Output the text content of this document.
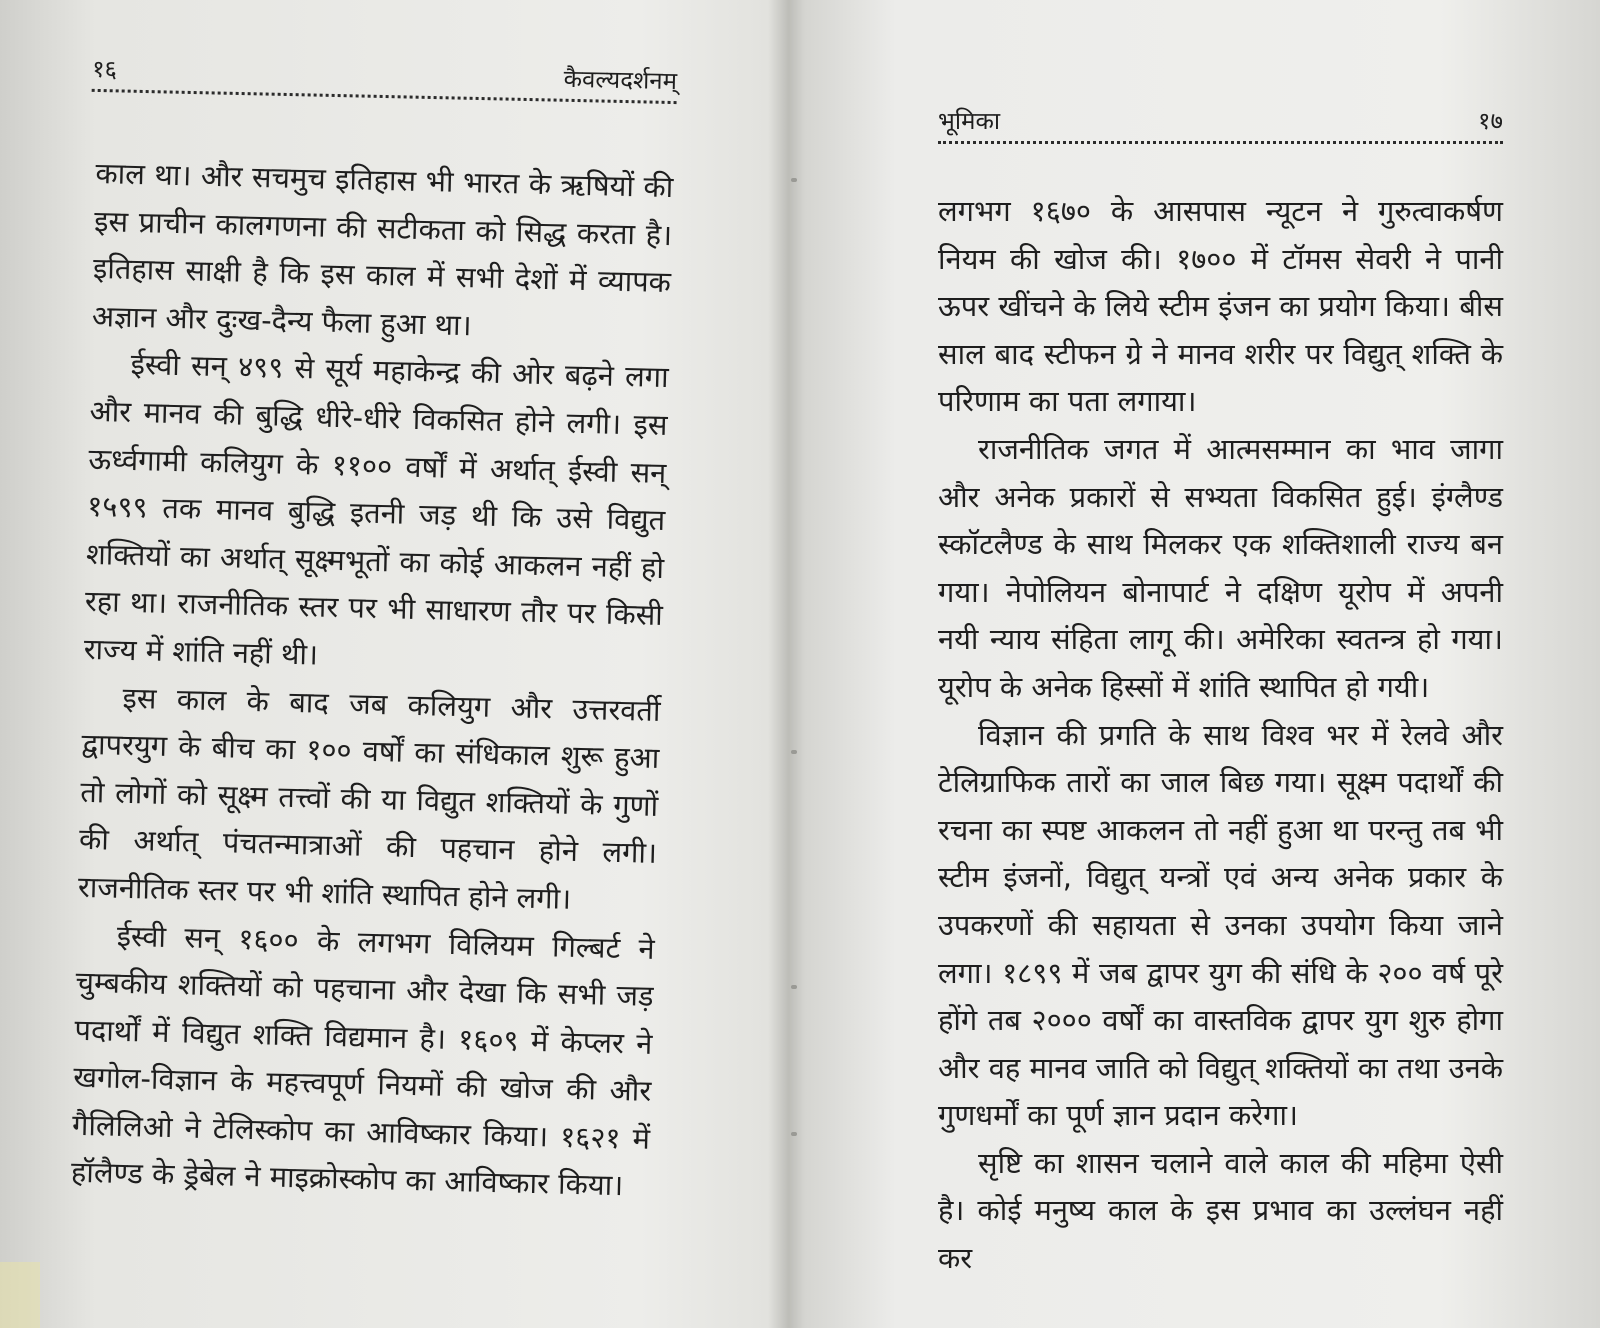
१६	कैवल्यदर्शनम्

काल था। और सचमुच इतिहास भी भारत के ऋषियों की इस प्राचीन कालगणना की सटीकता को सिद्ध करता है। इतिहास साक्षी है कि इस काल में सभी देशों में व्यापक अज्ञान और दुःख-दैन्य फैला हुआ था।

ईस्वी सन् ४९९ से सूर्य महाकेन्द्र की ओर बढ़ने लगा और मानव की बुद्धि धीरे-धीरे विकसित होने लगी। इस ऊर्ध्वगामी कलियुग के ११०० वर्षों में अर्थात् ईस्वी सन् १५९९ तक मानव बुद्धि इतनी जड़ थी कि उसे विद्युत शक्तियों का अर्थात् सूक्ष्मभूतों का कोई आकलन नहीं हो रहा था। राजनीतिक स्तर पर भी साधारण तौर पर किसी राज्य में शांति नहीं थी।

इस काल के बाद जब कलियुग और उत्तरवर्ती द्वापरयुग के बीच का १०० वर्षों का संधिकाल शुरू हुआ तो लोगों को सूक्ष्म तत्त्वों की या विद्युत शक्तियों के गुणों की अर्थात् पंचतन्मात्राओं की पहचान होने लगी। राजनीतिक स्तर पर भी शांति स्थापित होने लगी।

ईस्वी सन् १६०० के लगभग विलियम गिल्बर्ट ने चुम्बकीय शक्तियों को पहचाना और देखा कि सभी जड़ पदार्थों में विद्युत शक्ति विद्यमान है। १६०९ में केप्लर ने खगोल-विज्ञान के महत्त्वपूर्ण नियमों की खोज की और गैलिलिओ ने टेलिस्कोप का आविष्कार किया। १६२१ में हॉलैण्ड के ड्रेबेल ने माइक्रोस्कोप का आविष्कार किया।

भूमिका	१७

लगभग १६७० के आसपास न्यूटन ने गुरुत्वाकर्षण नियम की खोज की। १७०० में टॉमस सेवरी ने पानी ऊपर खींचने के लिये स्टीम इंजन का प्रयोग किया। बीस साल बाद स्टीफन ग्रे ने मानव शरीर पर विद्युत् शक्ति के परिणाम का पता लगाया।

राजनीतिक जगत में आत्मसम्मान का भाव जागा और अनेक प्रकारों से सभ्यता विकसित हुई। इंग्लैण्ड स्कॉटलैण्ड के साथ मिलकर एक शक्तिशाली राज्य बन गया। नेपोलियन बोनापार्ट ने दक्षिण यूरोप में अपनी नयी न्याय संहिता लागू की। अमेरिका स्वतन्त्र हो गया। यूरोप के अनेक हिस्सों में शांति स्थापित हो गयी।

विज्ञान की प्रगति के साथ विश्व भर में रेलवे और टेलिग्राफिक तारों का जाल बिछ गया। सूक्ष्म पदार्थों की रचना का स्पष्ट आकलन तो नहीं हुआ था परन्तु तब भी स्टीम इंजनों, विद्युत् यन्त्रों एवं अन्य अनेक प्रकार के उपकरणों की सहायता से उनका उपयोग किया जाने लगा। १८९९ में जब द्वापर युग की संधि के २०० वर्ष पूरे होंगे तब २००० वर्षों का वास्तविक द्वापर युग शुरु होगा और वह मानव जाति को विद्युत् शक्तियों का तथा उनके गुणधर्मों का पूर्ण ज्ञान प्रदान करेगा।

सृष्टि का शासन चलाने वाले काल की महिमा ऐसी है। कोई मनुष्य काल के इस प्रभाव का उल्लंघन नहीं कर
